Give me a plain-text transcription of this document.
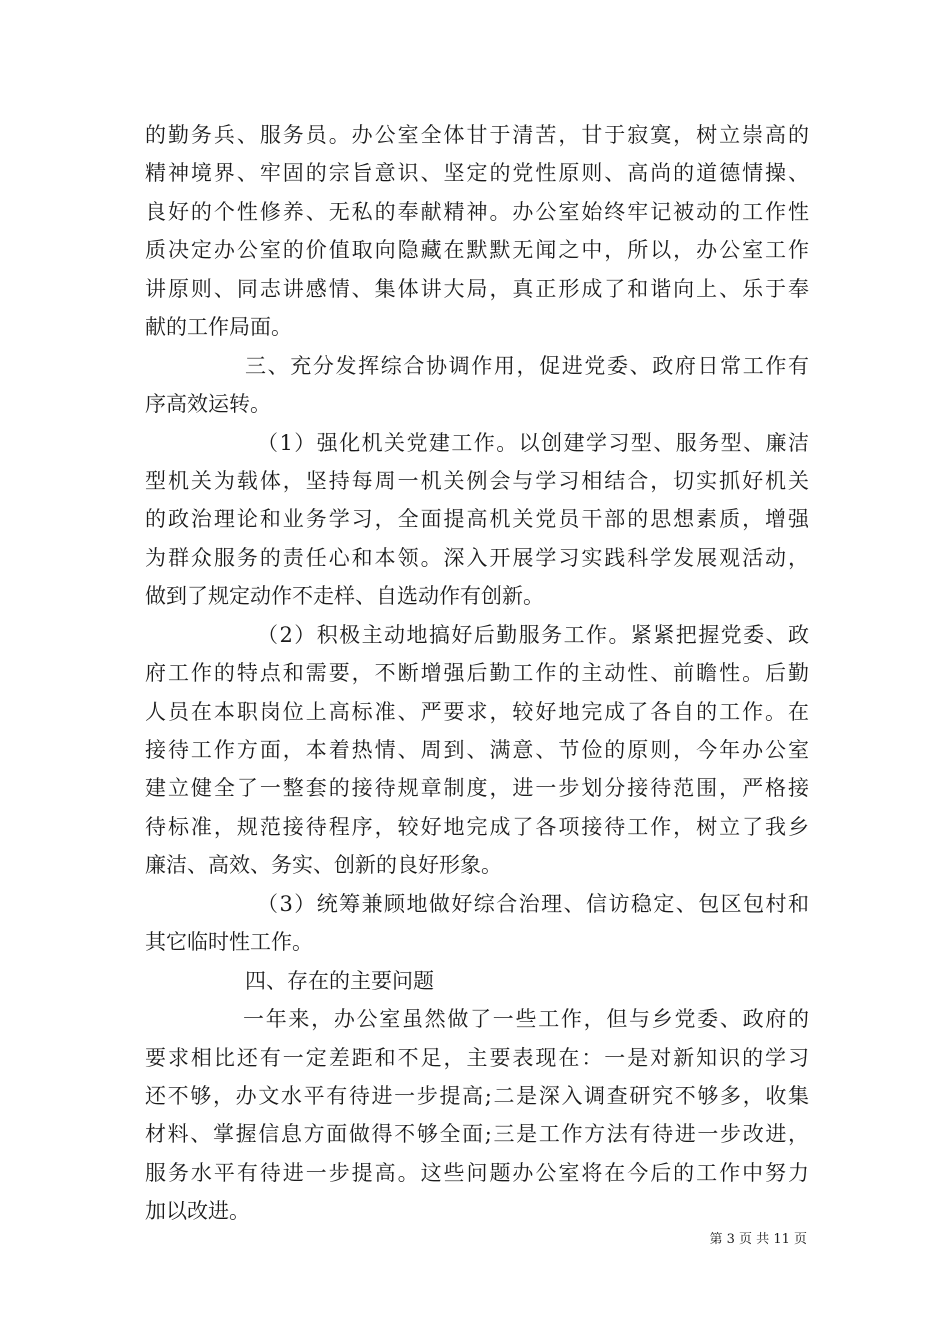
的勤务兵、服务员。办公室全体甘于清苦，甘于寂寞，树立崇高的
精神境界、牢固的宗旨意识、坚定的党性原则、高尚的道德情操、
良好的个性修养、无私的奉献精神。办公室始终牢记被动的工作性
质决定办公室的价值取向隐藏在默默无闻之中，所以，办公室工作
讲原则、同志讲感情、集体讲大局，真正形成了和谐向上、乐于奉
献的工作局面。
三、充分发挥综合协调作用，促进党委、政府日常工作有
序高效运转。
（1）强化机关党建工作。以创建学习型、服务型、廉洁
型机关为载体，坚持每周一机关例会与学习相结合，切实抓好机关
的政治理论和业务学习，全面提高机关党员干部的思想素质，增强
为群众服务的责任心和本领。深入开展学习实践科学发展观活动，
做到了规定动作不走样、自选动作有创新。
（2）积极主动地搞好后勤服务工作。紧紧把握党委、政
府工作的特点和需要，不断增强后勤工作的主动性、前瞻性。后勤
人员在本职岗位上高标准、严要求，较好地完成了各自的工作。在
接待工作方面，本着热情、周到、满意、节俭的原则，今年办公室
建立健全了一整套的接待规章制度，进一步划分接待范围，严格接
待标准，规范接待程序，较好地完成了各项接待工作，树立了我乡
廉洁、高效、务实、创新的良好形象。
（3）统筹兼顾地做好综合治理、信访稳定、包区包村和
其它临时性工作。
四、存在的主要问题
一年来，办公室虽然做了一些工作，但与乡党委、政府的
要求相比还有一定差距和不足，主要表现在：一是对新知识的学习
还不够，办文水平有待进一步提高;二是深入调查研究不够多，收集
材料、掌握信息方面做得不够全面;三是工作方法有待进一步改进，
服务水平有待进一步提高。这些问题办公室将在今后的工作中努力
加以改进。
第 3 页 共 11 页
